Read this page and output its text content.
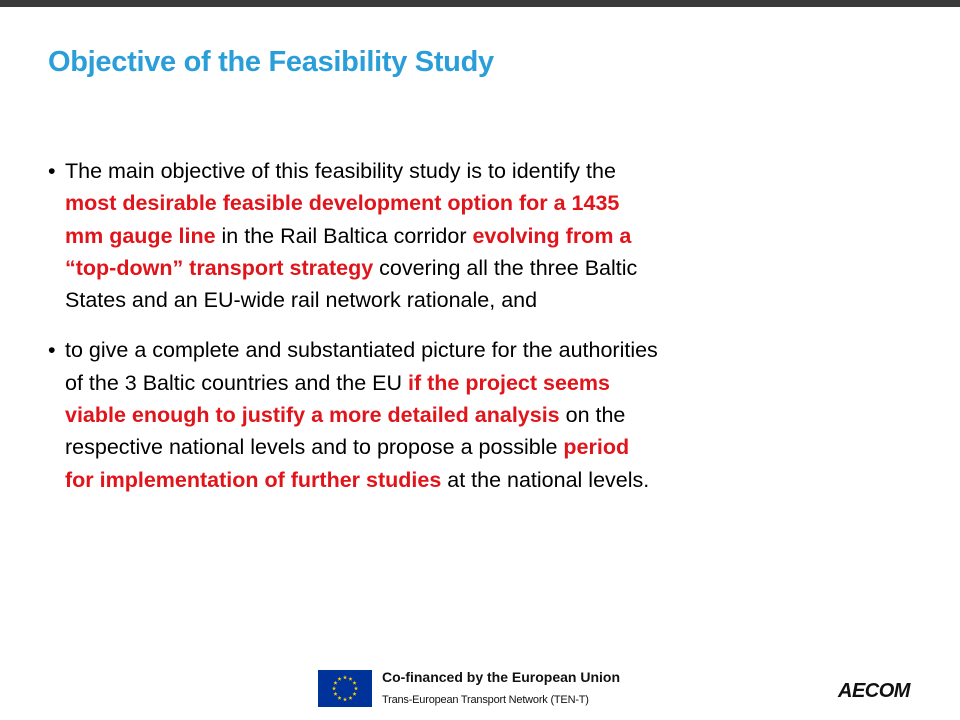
Objective of the Feasibility Study
• The main objective of this feasibility study is to identify the most desirable feasible development option for a 1435 mm gauge line in the Rail Baltica corridor evolving from a “top-down” transport strategy covering all the three Baltic States and an EU-wide rail network rationale, and
• to give a complete and substantiated picture for the authorities of the 3 Baltic countries and the EU if the project seems viable enough to justify a more detailed analysis on the respective national levels and to propose a possible period for implementation of further studies at the national levels.
Co-financed by the European Union
Trans-European Transport Network (TEN-T)	AECOM
